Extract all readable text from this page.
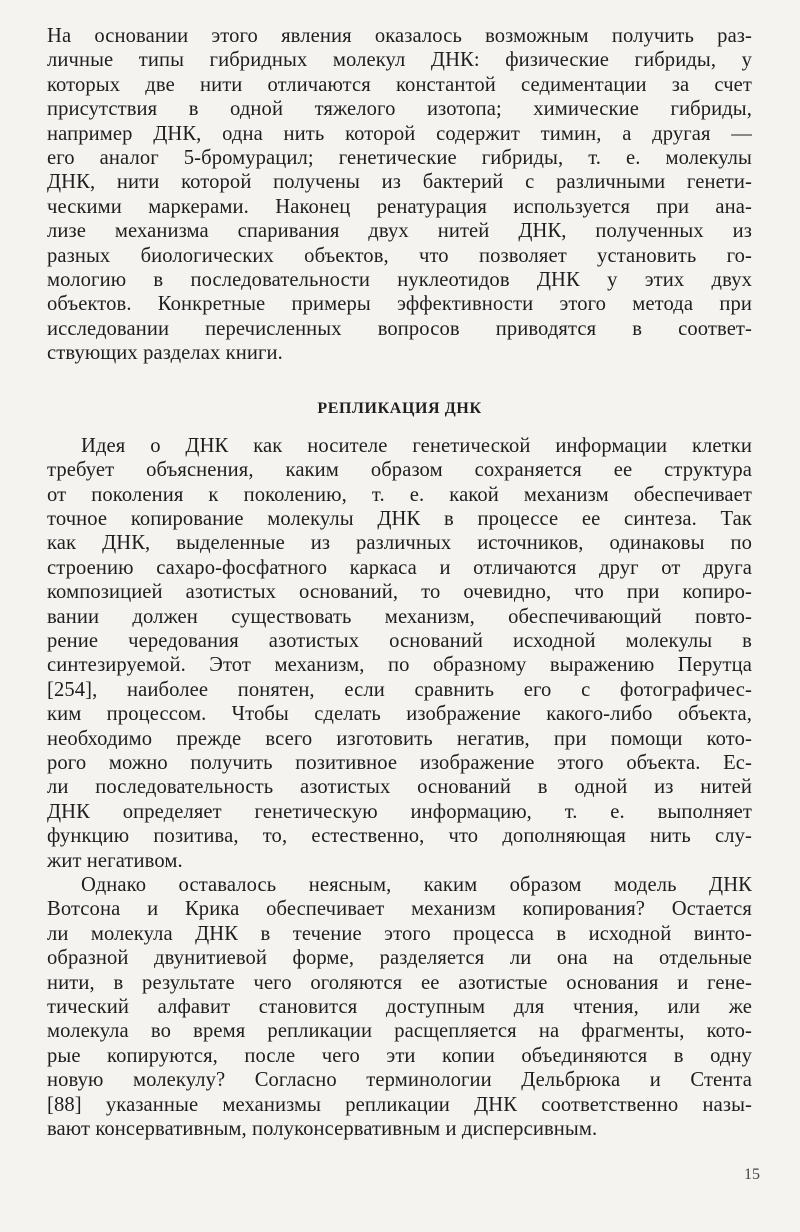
На основании этого явления оказалось возможным получить раз-
личные типы гибридных молекул ДНК: физические гибриды, у
которых две нити отличаются константой седиментации за счет
присутствия в одной тяжелого изотопа; химические гибриды,
например ДНК, одна нить которой содержит тимин, а другая —
его аналог 5-бромурацил; генетические гибриды, т. е. молекулы
ДНК, нити которой получены из бактерий с различными генети-
ческими маркерами. Наконец ренатурация используется при ана-
лизе механизма спаривания двух нитей ДНК, полученных из
разных биологических объектов, что позволяет установить го-
мологию в последовательности нуклеотидов ДНК у этих двух
объектов. Конкретные примеры эффективности этого метода при
исследовании перечисленных вопросов приводятся в соответ-
ствующих разделах книги.
РЕПЛИКАЦИЯ ДНК
Идея о ДНК как носителе генетической информации клетки
требует объяснения, каким образом сохраняется ее структура
от поколения к поколению, т. е. какой механизм обеспечивает
точное копирование молекулы ДНК в процессе ее синтеза. Так
как ДНК, выделенные из различных источников, одинаковы по
строению сахаро-фосфатного каркаса и отличаются друг от друга
композицией азотистых оснований, то очевидно, что при копиро-
вании должен существовать механизм, обеспечивающий повто-
рение чередования азотистых оснований исходной молекулы в
синтезируемой. Этот механизм, по образному выражению Перутца
[254], наиболее понятен, если сравнить его с фотографичес-
ким процессом. Чтобы сделать изображение какого-либо объекта,
необходимо прежде всего изготовить негатив, при помощи кото-
рого можно получить позитивное изображение этого объекта. Ес-
ли последовательность азотистых оснований в одной из нитей
ДНК определяет генетическую информацию, т. е. выполняет
функцию позитива, то, естественно, что дополняющая нить слу-
жит негативом.
Однако оставалось неясным, каким образом модель ДНК
Вотсона и Крика обеспечивает механизм копирования? Остается
ли молекула ДНК в течение этого процесса в исходной винто-
образной двунитиевой форме, разделяется ли она на отдельные
нити, в результате чего оголяются ее азотистые основания и гене-
тический алфавит становится доступным для чтения, или же
молекула во время репликации расщепляется на фрагменты, кото-
рые копируются, после чего эти копии объединяются в одну
новую молекулу? Согласно терминологии Дельбрюка и Стента
[88] указанные механизмы репликации ДНК соответственно назы-
вают консервативным, полуконсервативным и дисперсивным.
15
